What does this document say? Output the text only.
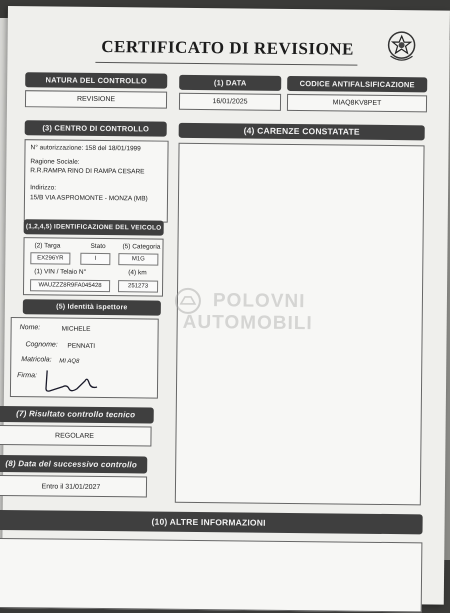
CERTIFICATO DI REVISIONE
NATURA DEL CONTROLLO	(1) DATA	CODICE ANTIFALSIFICAZIONE
REVISIONE	16/01/2025	MIAQ8KV8PET
(3) CENTRO DI CONTROLLO
N° autorizzazione: 158 del 18/01/1999
Ragione Sociale:
R.R.RAMPA RINO DI RAMPA CESARE
Indirizzo:
15/B VIA ASPROMONTE - MONZA (MB)
(4) CARENZE CONSTATATE
(1,2,4,5) IDENTIFICAZIONE DEL VEICOLO
(2) Targa	Stato	(5) Categoria
EX296YR	I	M1G
(1) VIN / Telaio N°	(4) km
WAUZZZ8R9FA045428	251273
(5) Identità ispettore
Nome:	MICHELE
Cognome: PENNATI
Matricola: MI AQ8
Firma:
(7) Risultato controllo tecnico
REGOLARE
(8) Data del successivo controllo
Entro il 31/01/2027
(10) ALTRE INFORMAZIONI
POLOVNI
AUTOMOBILI
